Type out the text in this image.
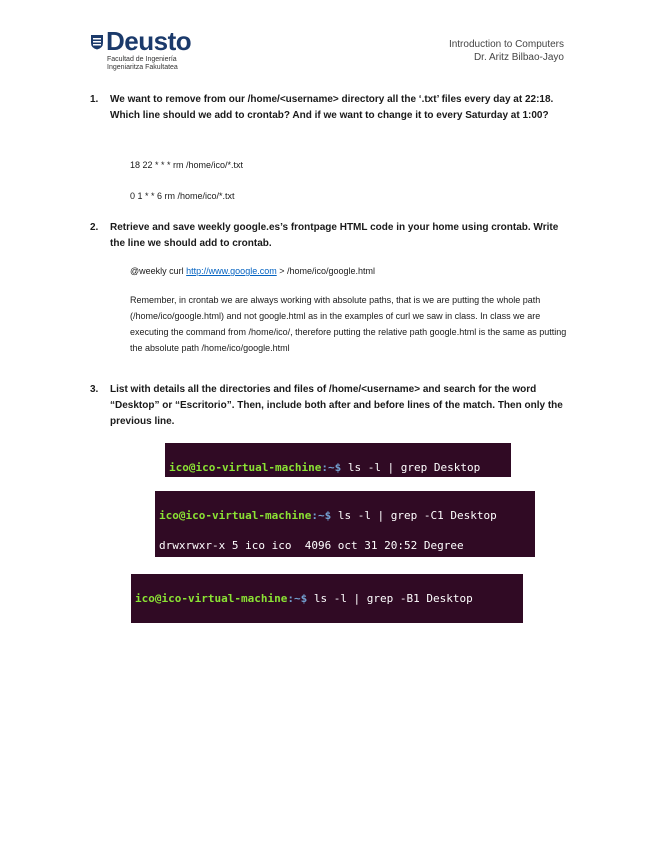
Deusto
Facultad de Ingeniería
Ingeniaritza Fakultatea
Introduction to Computers
Dr. Aritz Bilbao-Jayo
1. We want to remove from our /home/<username> directory all the ‘.txt’ files every day at 22:18. Which line should we add to crontab? And if we want to change it to every Saturday at 1:00?
18 22 * * * rm /home/ico/*.txt
0 1 * * 6 rm /home/ico/*.txt
2. Retrieve and save weekly google.es’s frontpage HTML code in your home using crontab. Write the line we should add to crontab.
@weekly curl http://www.google.com > /home/ico/google.html
Remember, in crontab we are always working with absolute paths, that is we are putting the whole path (/home/ico/google.html) and not google.html as in the examples of curl we saw in class. In class we are executing the command from /home/ico/, therefore putting the relative path google.html is the same as putting the absolute path /home/ico/google.html
3. List with details all the directories and files of /home/<username> and search for the word “Desktop” or “Escritorio”. Then, include both after and before lines of the match. Then only the previous line.

ico@ico-virtual-machine:~$ ls -l | grep Desktop

ico@ico-virtual-machine:~$ ls -l | grep -C1 Desktop

drwxrwxr-x 5 ico ico  4096 oct 31 20:52 Degree

ico@ico-virtual-machine:~$ ls -l | grep -B1 Desktop
